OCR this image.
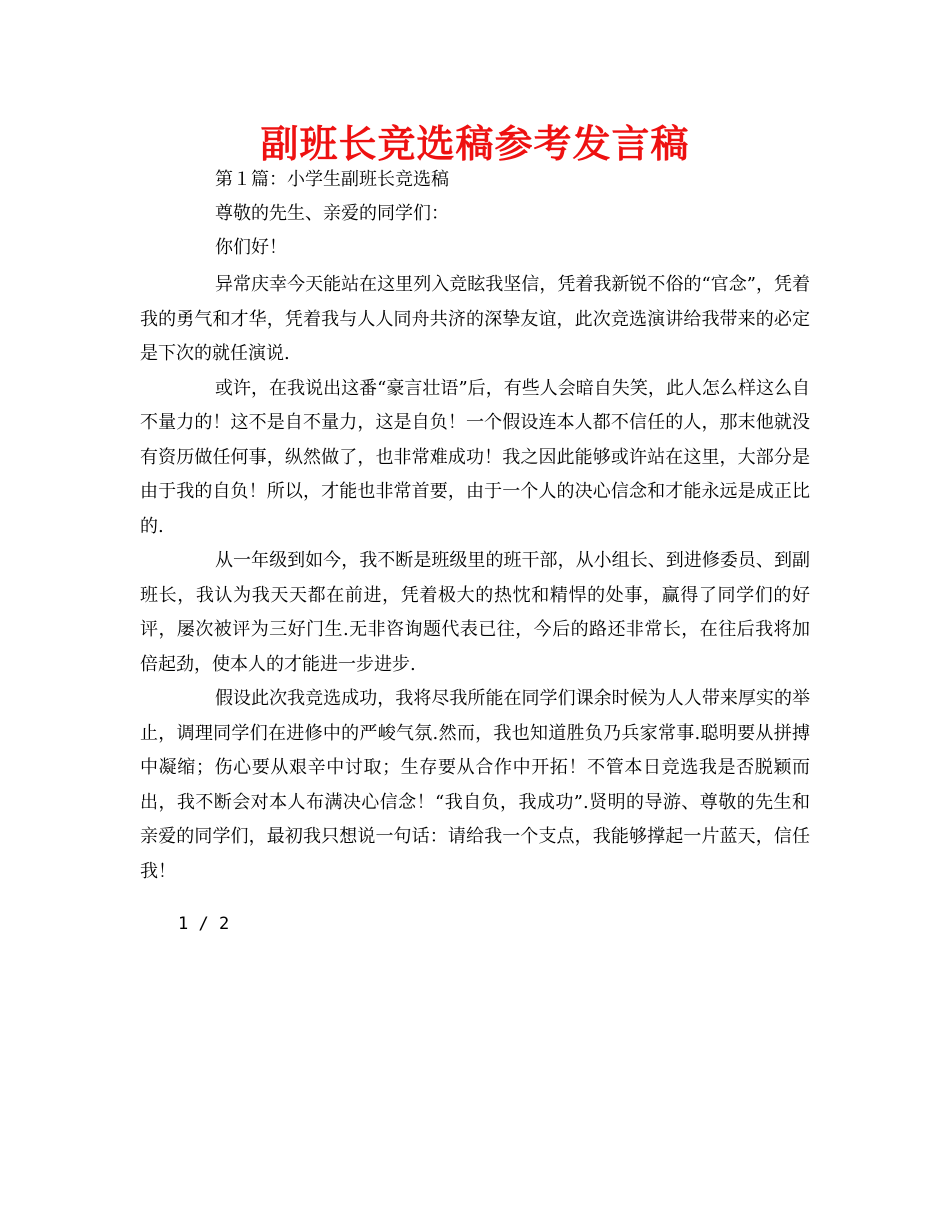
副班长竞选稿参考发言稿
第１篇：小学生副班长竞选稿
尊敬的先生、亲爱的同学们：
你们好！

异常庆幸今天能站在这里列入竞眩我坚信，凭着我新锐不俗的“官念”，凭着我的勇气和才华，凭着我与人人同舟共济的深挚友谊，此次竞选演讲给我带来的必定是下次的就任演说.

或许，在我说出这番“豪言壮语”后，有些人会暗自失笑，此人怎么样这么自不量力的！这不是自不量力，这是自负！一个假设连本人都不信任的人，那末他就没有资历做任何事，纵然做了，也非常难成功！我之因此能够或许站在这里，大部分是由于我的自负！所以，才能也非常首要，由于一个人的决心信念和才能永远是成正比的.

从一年级到如今，我不断是班级里的班干部，从小组长、到进修委员、到副班长，我认为我天天都在前进，凭着极大的热忱和精悍的处事，赢得了同学们的好评，屡次被评为三好门生.无非咨询题代表已往，今后的路还非常长，在往后我将加倍起劲，使本人的才能进一步进步.

假设此次我竞选成功，我将尽我所能在同学们课余时候为人人带来厚实的举止，调理同学们在进修中的严峻气氛.然而，我也知道胜负乃兵家常事.聪明要从拼搏中凝缩；伤心要从艰辛中讨取；生存要从合作中开拓！不管本日竞选我是否脱颖而出，我不断会对本人布满决心信念！“我自负，我成功”.贤明的导游、尊敬的先生和亲爱的同学们，最初我只想说一句话：请给我一个支点，我能够撑起一片蓝天，信任我！

1 / 2
